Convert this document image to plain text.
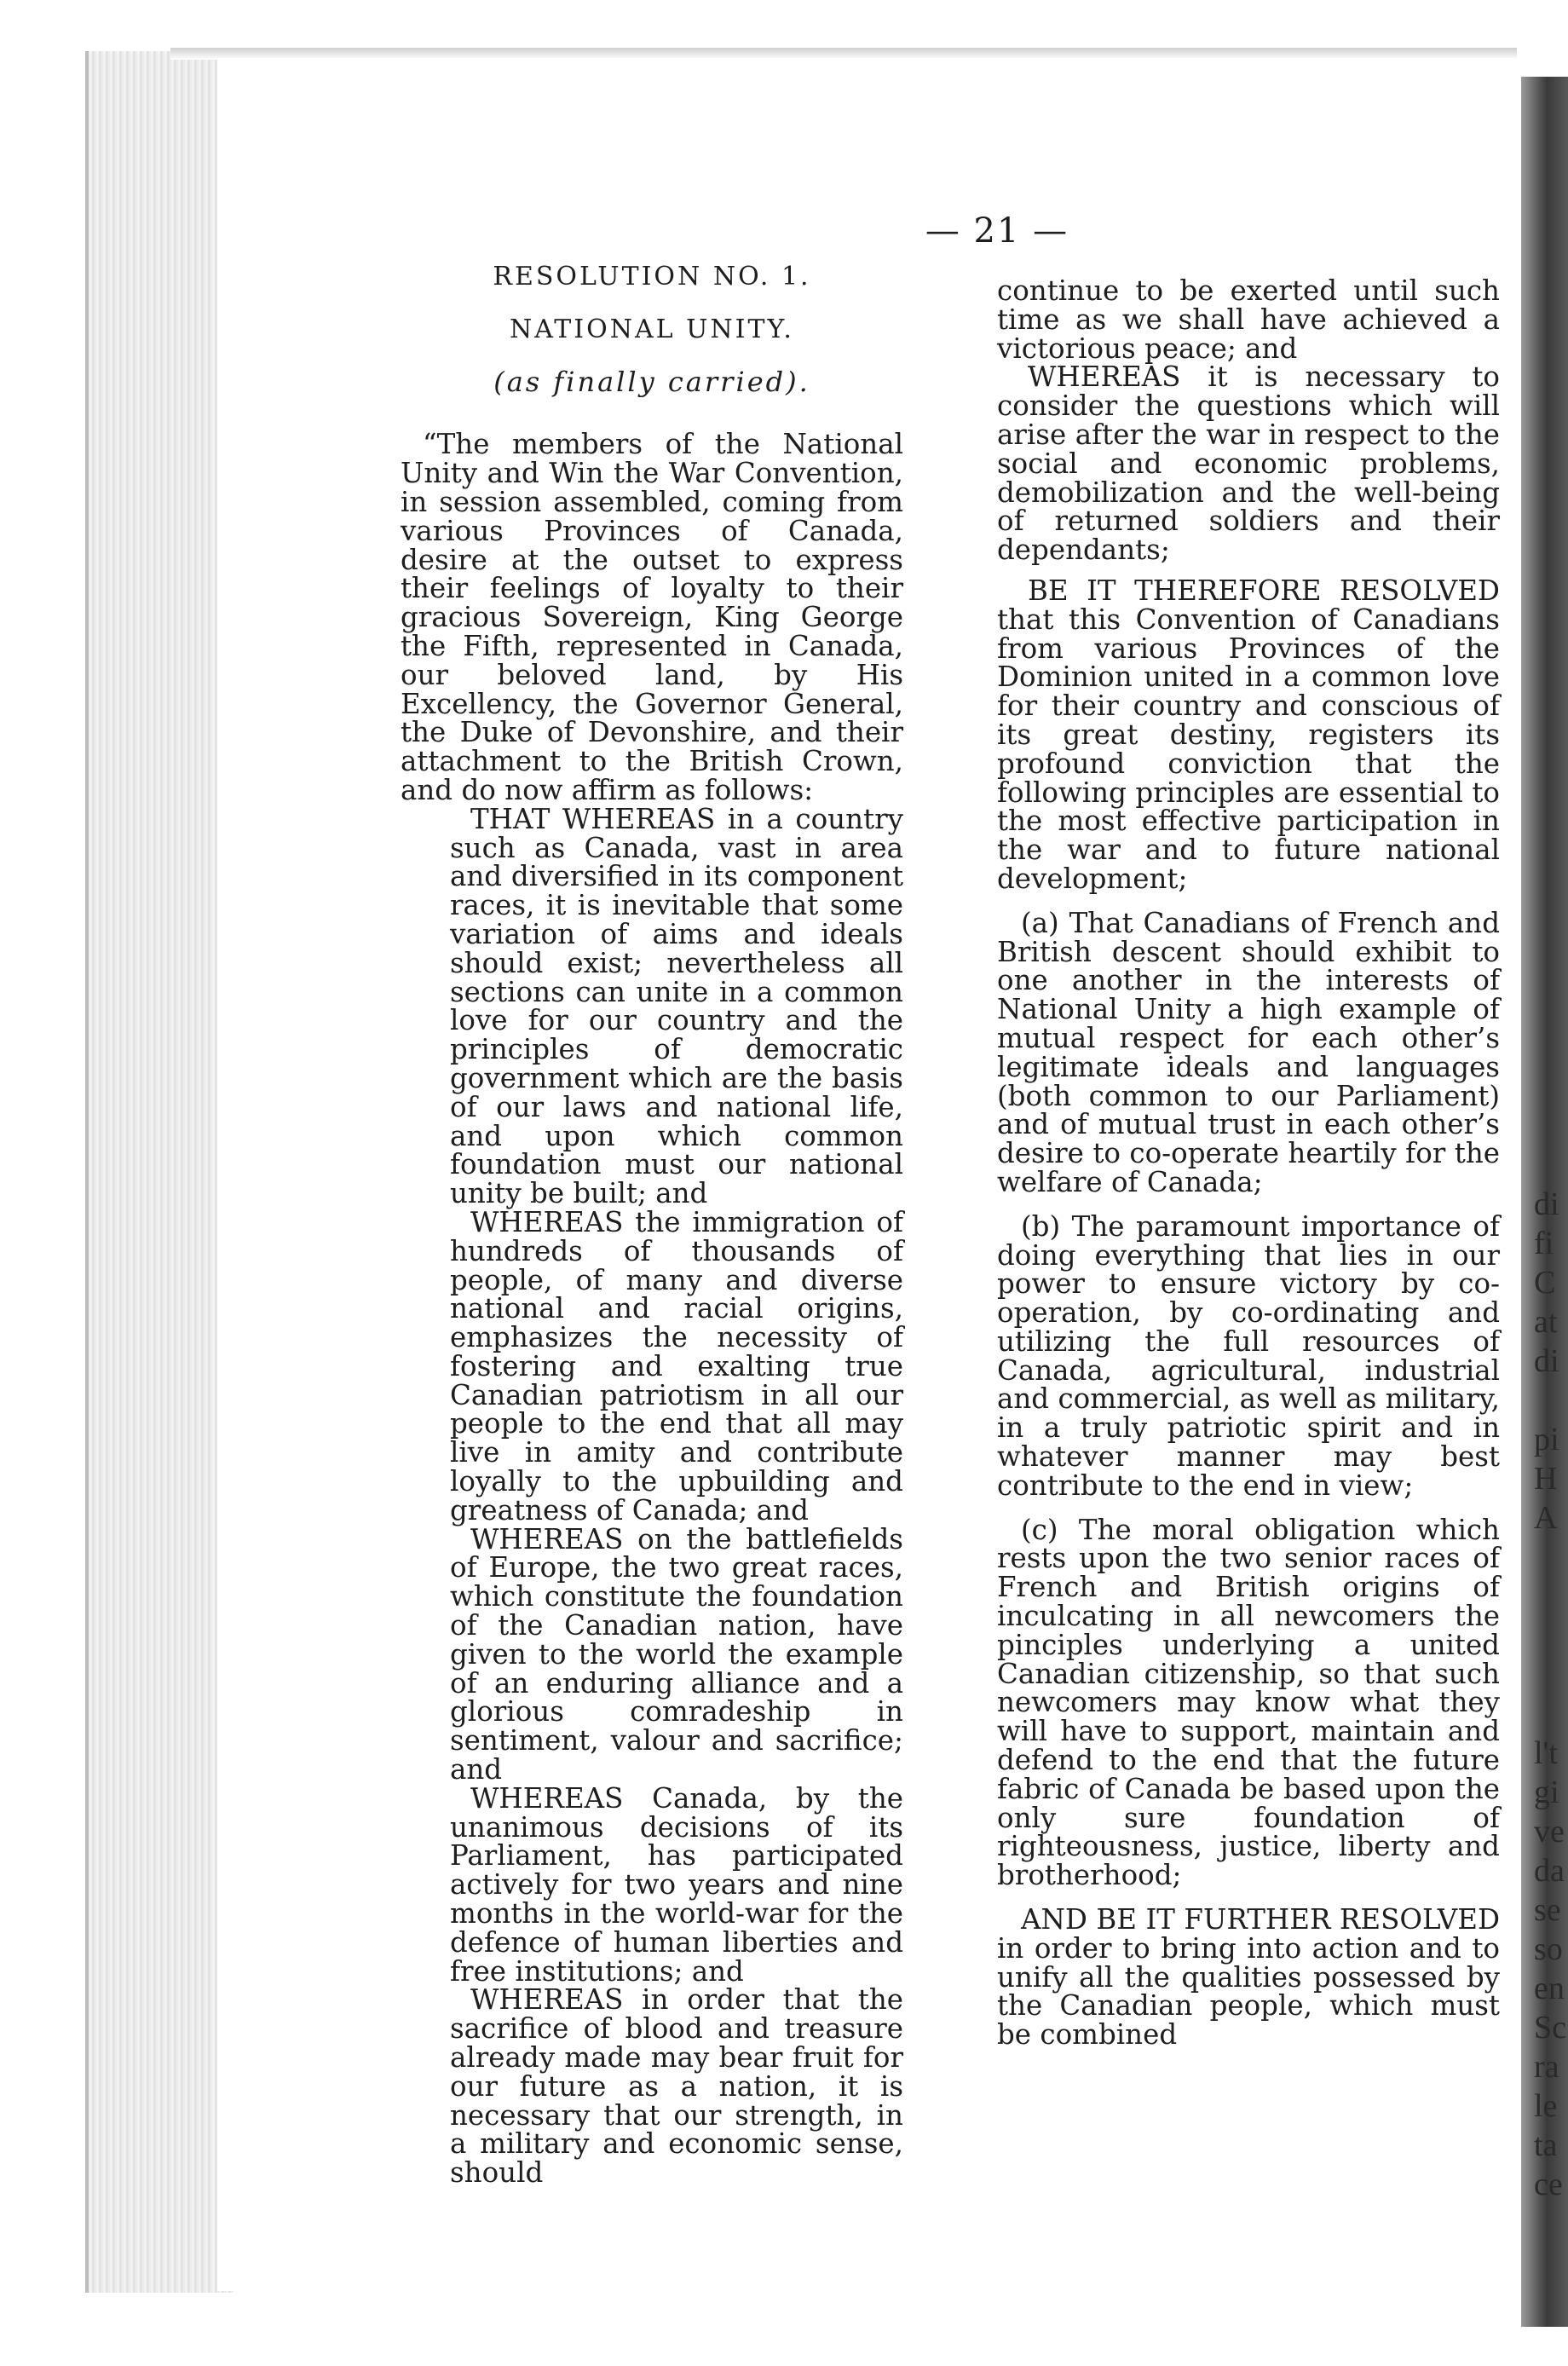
di
fi
C
at
di

pi
H
A

l't
gi
ve
da
se
so
en
Sc
ra
le
ta
ce
— 21 —
RESOLUTION NO. 1.
NATIONAL UNITY.
(as finally carried).

“The members of the National Unity and Win the War Convention, in session assembled, coming from various Provinces of Canada, desire at the outset to express their feelings of loyalty to their gracious Sovereign, King George the Fifth, represented in Canada, our beloved land, by His Excellency, the Governor General, the Duke of Devonshire, and their attachment to the British Crown, and do now affirm as follows:

THAT WHEREAS in a country such as Canada, vast in area and diversified in its component races, it is inevitable that some variation of aims and ideals should exist; nevertheless all sections can unite in a common love for our country and the principles of democratic government which are the basis of our laws and national life, and upon which common foundation must our national unity be built; and

WHEREAS the immigration of hundreds of thousands of people, of many and diverse national and racial origins, emphasizes the necessity of fostering and exalting true Canadian patriotism in all our people to the end that all may live in amity and contribute loyally to the upbuilding and greatness of Canada; and

WHEREAS on the battlefields of Europe, the two great races, which constitute the foundation of the Canadian nation, have given to the world the example of an enduring alliance and a glorious comradeship in sentiment, valour and sacrifice; and

WHEREAS Canada, by the unanimous decisions of its Parliament, has participated actively for two years and nine months in the world-war for the defence of human liberties and free institutions; and

WHEREAS in order that the sacrifice of blood and treasure already made may bear fruit for our future as a nation, it is necessary that our strength, in a military and economic sense, should

continue to be exerted until such time as we shall have achieved a victorious peace; and

WHEREAS it is necessary to consider the questions which will arise after the war in respect to the social and economic problems, demobilization and the well-being of returned soldiers and their dependants;

BE IT THEREFORE RESOLVED that this Convention of Canadians from various Provinces of the Dominion united in a common love for their country and conscious of its great destiny, registers its profound conviction that the following principles are essential to the most effective participation in the war and to future national development;

(a) That Canadians of French and British descent should exhibit to one another in the interests of National Unity a high example of mutual respect for each other’s legitimate ideals and languages (both common to our Parliament) and of mutual trust in each other’s desire to co-operate heartily for the welfare of Canada;

(b) The paramount importance of doing everything that lies in our power to ensure victory by co-operation, by co-ordinating and utilizing the full resources of Canada, agricultural, industrial and commercial, as well as military, in a truly patriotic spirit and in whatever manner may best contribute to the end in view;

(c) The moral obligation which rests upon the two senior races of French and British origins of inculcating in all newcomers the pinciples underlying a united Canadian citizenship, so that such newcomers may know what they will have to support, maintain and defend to the end that the future fabric of Canada be based upon the only sure foundation of righteousness, justice, liberty and brotherhood;

AND BE IT FURTHER RESOLVED in order to bring into action and to unify all the qualities possessed by the Canadian people, which must be combined
